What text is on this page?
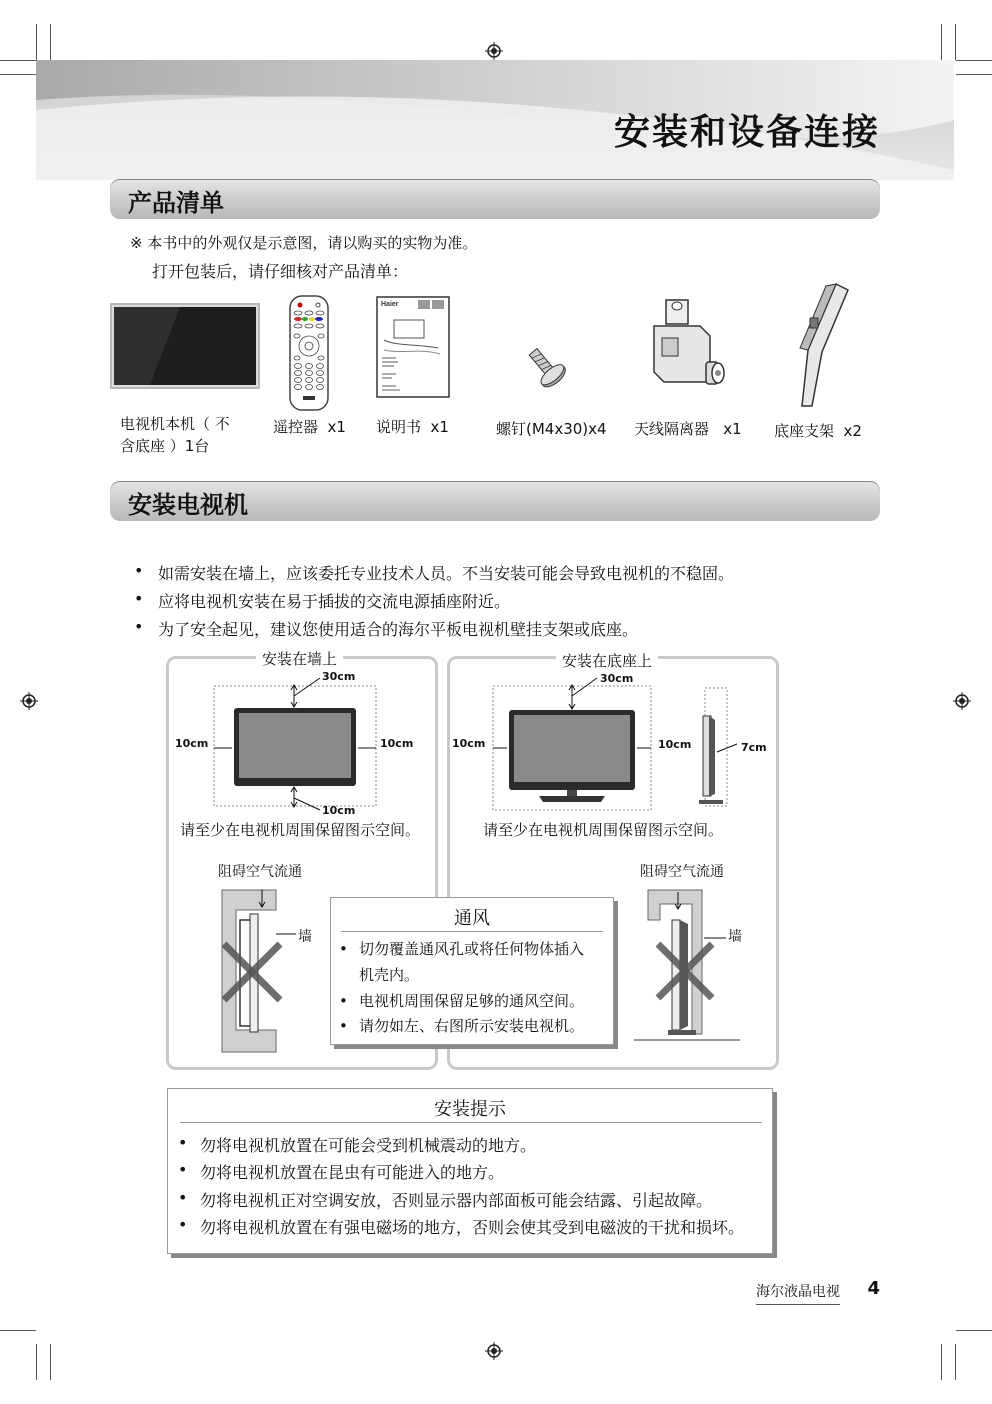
安装和设备连接
产品清单
※ 本书中的外观仅是示意图，请以购买的实物为准。
打开包装后，请仔细核对产品清单：
Haier
电视机本机（ 不
含底座 ）1台
遥控器  x1 说明书  x1	螺钉(M4x30)x4 天线隔离器   x1 底座支架  x2
安装电视机
• 如需安装在墙上，应该委托专业技术人员。不当安装可能会导致电视机的不稳固。
• 应将电视机安装在易于插拔的交流电源插座附近。
• 为了安全起见，建议您使用适合的海尔平板电视机壁挂支架或底座。
安装在墙上	安装在底座上
30cm
10cm	10cm
10cm
请至少在电视机周围保留图示空间。
30cm
10cm	10cm	7cm
请至少在电视机周围保留图示空间。
阻碍空气流通	阻碍空气流通
墙	墙
通风
• 切勿覆盖通风孔或将任何物体插入
机壳内。
• 电视机周围保留足够的通风空间。
• 请勿如左、右图所示安装电视机。
安装提示
• 勿将电视机放置在可能会受到机械震动的地方。
• 勿将电视机放置在昆虫有可能进入的地方。
• 勿将电视机正对空调安放，否则显示器内部面板可能会结露、引起故障。
• 勿将电视机放置在有强电磁场的地方，否则会使其受到电磁波的干扰和损坏。
海尔液晶电视 4
